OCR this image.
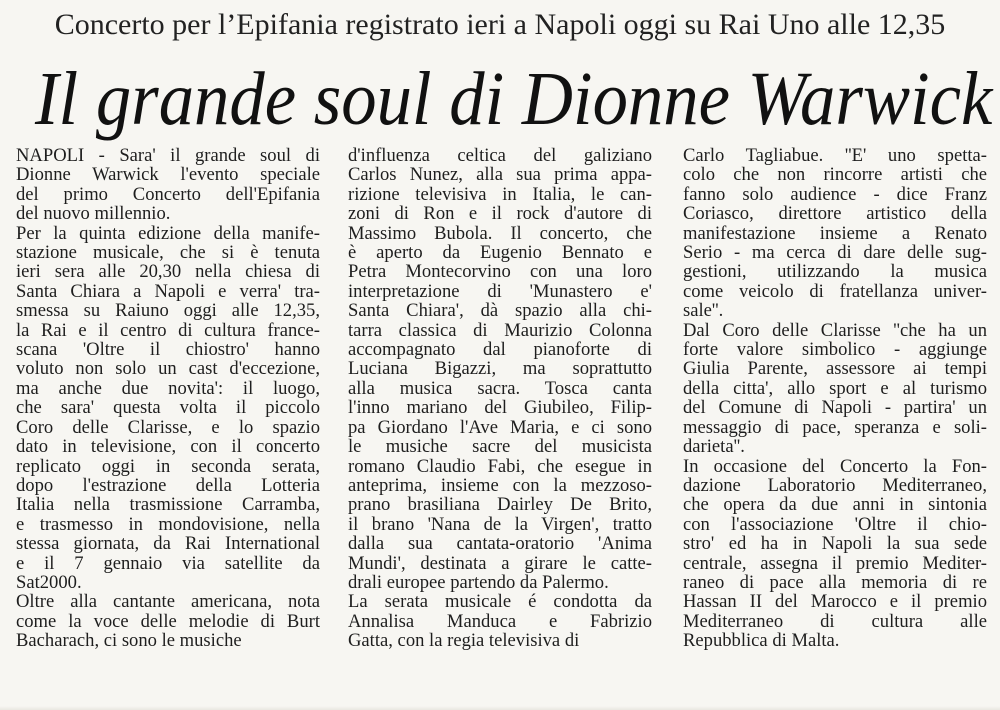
Concerto per l’Epifania registrato ieri a Napoli oggi su Rai Uno alle 12,35
Il grande soul di Dionne Warwick

NAPOLI - Sara' il grande soul di

Dionne Warwick l'evento speciale

del primo Concerto dell'Epifania

del nuovo millennio.

Per la quinta edizione della manife-

stazione musicale, che si è tenuta

ieri sera alle 20,30 nella chiesa di

Santa Chiara a Napoli e verra' tra-

smessa su Raiuno oggi alle 12,35,

la Rai e il centro di cultura france-

scana 'Oltre il chiostro' hanno

voluto non solo un cast d'eccezione,

ma anche due novita': il luogo,

che sara' questa volta il piccolo

Coro delle Clarisse, e lo spazio

dato in televisione, con il concerto

replicato oggi in seconda serata,

dopo l'estrazione della Lotteria

Italia nella trasmissione Carramba,

e trasmesso in mondovisione, nella

stessa giornata, da Rai International

e il 7 gennaio via satellite da

Sat2000.

Oltre alla cantante americana, nota

come la voce delle melodie di Burt

Bacharach, ci sono le musiche

d'influenza celtica del galiziano

Carlos Nunez, alla sua prima appa-

rizione televisiva in Italia, le can-

zoni di Ron e il rock d'autore di

Massimo Bubola. Il concerto, che

è aperto da Eugenio Bennato e

Petra Montecorvino con una loro

interpretazione di 'Munastero e'

Santa Chiara', dà spazio alla chi-

tarra classica di Maurizio Colonna

accompagnato dal pianoforte di

Luciana Bigazzi, ma soprattutto

alla musica sacra. Tosca canta

l'inno mariano del Giubileo, Filip-

pa Giordano l'Ave Maria, e ci sono

le musiche sacre del musicista

romano Claudio Fabi, che esegue in

anteprima, insieme con la mezzoso-

prano brasiliana Dairley De Brito,

il brano 'Nana de la Virgen', tratto

dalla sua cantata-oratorio 'Anima

Mundi', destinata a girare le catte-

drali europee partendo da Palermo.

La serata musicale é condotta da

Annalisa Manduca e Fabrizio

Gatta, con la regia televisiva di

Carlo Tagliabue. ''E' uno spetta-

colo che non rincorre artisti che

fanno solo audience - dice Franz

Coriasco, direttore artistico della

manifestazione insieme a Renato

Serio - ma cerca di dare delle sug-

gestioni, utilizzando la musica

come veicolo di fratellanza univer-

sale''.

Dal Coro delle Clarisse ''che ha un

forte valore simbolico - aggiunge

Giulia Parente, assessore ai tempi

della citta', allo sport e al turismo

del Comune di Napoli - partira' un

messaggio di pace, speranza e soli-

darieta''.

In occasione del Concerto la Fon-

dazione Laboratorio Mediterraneo,

che opera da due anni in sintonia

con l'associazione 'Oltre il chio-

stro' ed ha in Napoli la sua sede

centrale, assegna il premio Mediter-

raneo di pace alla memoria di re

Hassan II del Marocco e il premio

Mediterraneo di cultura alle

Repubblica di Malta.
